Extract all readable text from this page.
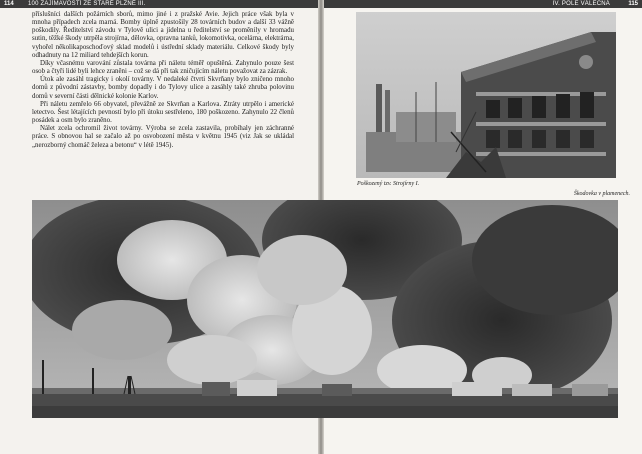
114 100 ZAJÍMAVOSTÍ ZE STARÉ PLZNĚ III.

příslušníci dalších požárních sborů, mimo jiné i z pražské Avie. Jejich práce však byla v mnoha případech zcela marná. Bomby úplně zpustošily 28 továrních budov a další 33 vážně poškodily. Ředitelství závodu v Tylově ulici a jídelna u ředitelství se proměnily v hromadu sutin, těžké škody utrpěla strojírna, dělovka, opravna tanků, lokomotivka, ocelárna, elektrárna, vyhořel několikaposchoďový sklad modelů i ústřední sklady materiálu. Celkové škody byly odhadnuty na 12 miliard tehdejších korun.

Díky včasnému varování zůstala továrna při náletu téměř opuštěná. Zahynulo pouze šest osob a čtyři lidé byli lehce zraněni – což se dá při tak zničujícím náletu považovat za zázrak.

Útok ale zasáhl tragicky i okolí továrny. V nedaleké čtvrti Skvrňany bylo zničeno mnoho domů z původní zástavby, bomby dopadly i do Tylovy ulice a zasáhly také zhruba polovinu domů v severní části dělnické kolonie Karlov.

Při náletu zemřelo 66 obyvatel, převážně ze Skvrňan a Karlova. Ztráty utrpělo i americké letectvo. Šest létajících pevností bylo při útoku sestřeleno, 180 poškozeno. Zahynulo 22 členů posádek a osm bylo zraněno.

Nálet zcela ochromil život továrny. Výroba se zcela zastavila, probíhaly jen záchranné práce. S obnovou hal se začalo až po osvobození města v květnu 1945 (viz Jak se ukládal „nerozborný chomáč železa a betonu“ v létě 1945).

IV. POLE VÁLEČNÁ	115
Poškozený tzv. Strojírny I.
Škodovka v plamenech.
